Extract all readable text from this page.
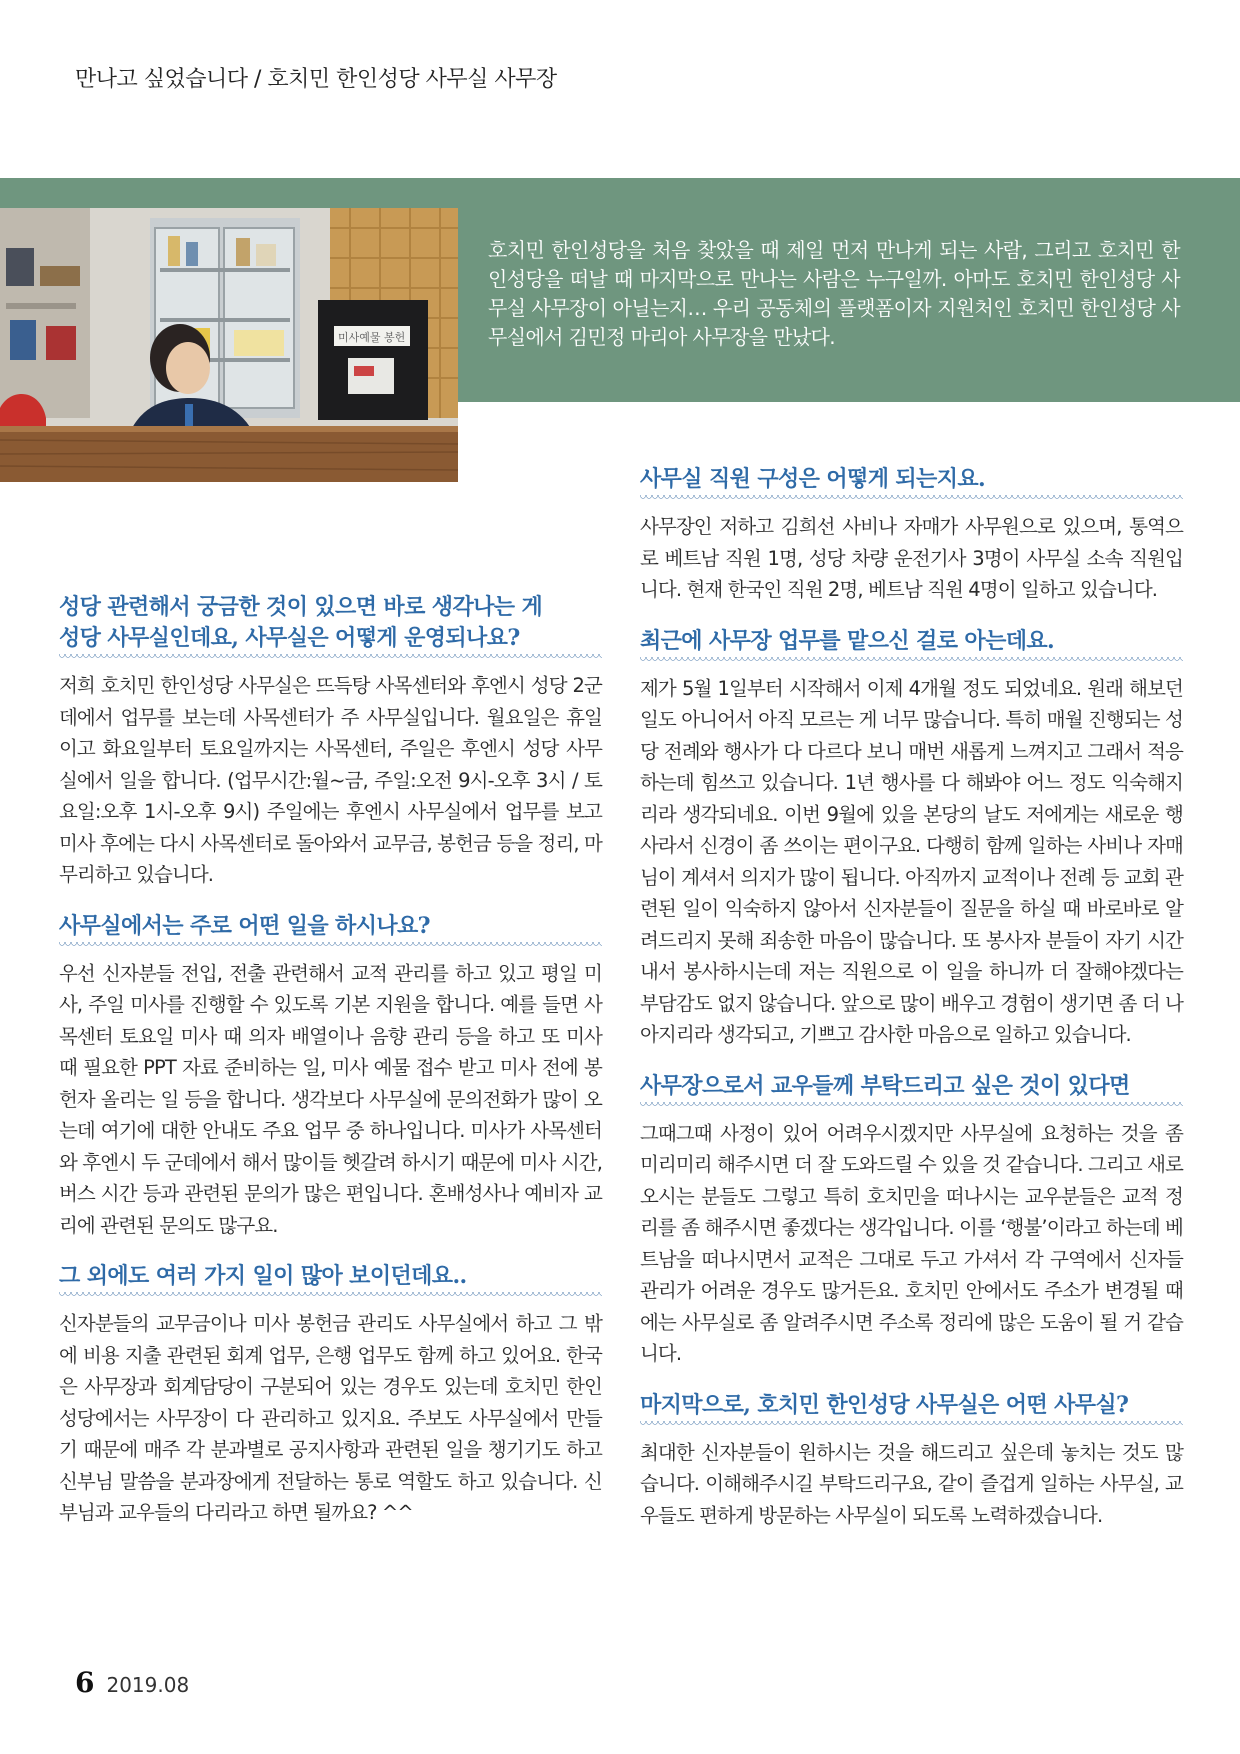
만나고 싶었습니다 / 호치민 한인성당 사무실 사무장

호치민 한인성당을 처음 찾았을 때 제일 먼저 만나게 되는 사람, 그리고 호치민 한인성당을 떠날 때 마지막으로 만나는 사람은 누구일까. 아마도 호치민 한인성당 사무실 사무장이 아닐는지… 우리 공동체의 플랫폼이자 지원처인 호치민 한인성당 사무실에서 김민정 마리아 사무장을 만났다.

미사예물 봉헌
성당 관련해서 궁금한 것이 있으면 바로 생각나는 게
성당 사무실인데요, 사무실은 어떻게 운영되나요?

저희 호치민 한인성당 사무실은 뜨득탕 사목센터와 후엔시 성당 2군데에서 업무를 보는데 사목센터가 주 사무실입니다. 월요일은 휴일이고 화요일부터 토요일까지는 사목센터, 주일은 후엔시 성당 사무실에서 일을 합니다. (업무시간:월~금, 주일:오전 9시-오후 3시 / 토요일:오후 1시-오후 9시) 주일에는 후엔시 사무실에서 업무를 보고 미사 후에는 다시 사목센터로 돌아와서 교무금, 봉헌금 등을 정리, 마무리하고 있습니다.

사무실에서는 주로 어떤 일을 하시나요?

우선 신자분들 전입, 전출 관련해서 교적 관리를 하고 있고 평일 미사, 주일 미사를 진행할 수 있도록 기본 지원을 합니다. 예를 들면 사목센터 토요일 미사 때 의자 배열이나 음향 관리 등을 하고 또 미사 때 필요한 PPT 자료 준비하는 일, 미사 예물 접수 받고 미사 전에 봉헌자 올리는 일 등을 합니다. 생각보다 사무실에 문의전화가 많이 오는데 여기에 대한 안내도 주요 업무 중 하나입니다. 미사가 사목센터와 후엔시 두 군데에서 해서 많이들 헷갈려 하시기 때문에 미사 시간, 버스 시간 등과 관련된 문의가 많은 편입니다. 혼배성사나 예비자 교리에 관련된 문의도 많구요.

그 외에도 여러 가지 일이 많아 보이던데요..

신자분들의 교무금이나 미사 봉헌금 관리도 사무실에서 하고 그 밖에 비용 지출 관련된 회계 업무, 은행 업무도 함께 하고 있어요. 한국은 사무장과 회계담당이 구분되어 있는 경우도 있는데 호치민 한인성당에서는 사무장이 다 관리하고 있지요. 주보도 사무실에서 만들기 때문에 매주 각 분과별로 공지사항과 관련된 일을 챙기기도 하고 신부님 말씀을 분과장에게 전달하는 통로 역할도 하고 있습니다. 신부님과 교우들의 다리라고 하면 될까요? ^^

사무실 직원 구성은 어떻게 되는지요.

사무장인 저하고 김희선 사비나 자매가 사무원으로 있으며, 통역으로 베트남 직원 1명, 성당 차량 운전기사 3명이 사무실 소속 직원입니다. 현재 한국인 직원 2명, 베트남 직원 4명이 일하고 있습니다.

최근에 사무장 업무를 맡으신 걸로 아는데요.

제가 5월 1일부터 시작해서 이제 4개월 정도 되었네요. 원래 해보던 일도 아니어서 아직 모르는 게 너무 많습니다. 특히 매월 진행되는 성당 전례와 행사가 다 다르다 보니 매번 새롭게 느껴지고 그래서 적응하는데 힘쓰고 있습니다. 1년 행사를 다 해봐야 어느 정도 익숙해지리라 생각되네요. 이번 9월에 있을 본당의 날도 저에게는 새로운 행사라서 신경이 좀 쓰이는 편이구요. 다행히 함께 일하는 사비나 자매님이 계셔서 의지가 많이 됩니다. 아직까지 교적이나 전례 등 교회 관련된 일이 익숙하지 않아서 신자분들이 질문을 하실 때 바로바로 알려드리지 못해 죄송한 마음이 많습니다. 또 봉사자 분들이 자기 시간 내서 봉사하시는데 저는 직원으로 이 일을 하니까 더 잘해야겠다는 부담감도 없지 않습니다. 앞으로 많이 배우고 경험이 생기면 좀 더 나아지리라 생각되고, 기쁘고 감사한 마음으로 일하고 있습니다.

사무장으로서 교우들께 부탁드리고 싶은 것이 있다면

그때그때 사정이 있어 어려우시겠지만 사무실에 요청하는 것을 좀 미리미리 해주시면 더 잘 도와드릴 수 있을 것 같습니다. 그리고 새로 오시는 분들도 그렇고 특히 호치민을 떠나시는 교우분들은 교적 정리를 좀 해주시면 좋겠다는 생각입니다. 이를 ‘행불’이라고 하는데 베트남을 떠나시면서 교적은 그대로 두고 가셔서 각 구역에서 신자들 관리가 어려운 경우도 많거든요. 호치민 안에서도 주소가 변경될 때에는 사무실로 좀 알려주시면 주소록 정리에 많은 도움이 될 거 같습니다.

마지막으로, 호치민 한인성당 사무실은 어떤 사무실?

최대한 신자분들이 원하시는 것을 해드리고 싶은데 놓치는 것도 많습니다. 이해해주시길 부탁드리구요, 같이 즐겁게 일하는 사무실, 교우들도 편하게 방문하는 사무실이 되도록 노력하겠습니다.

6 2019.08
